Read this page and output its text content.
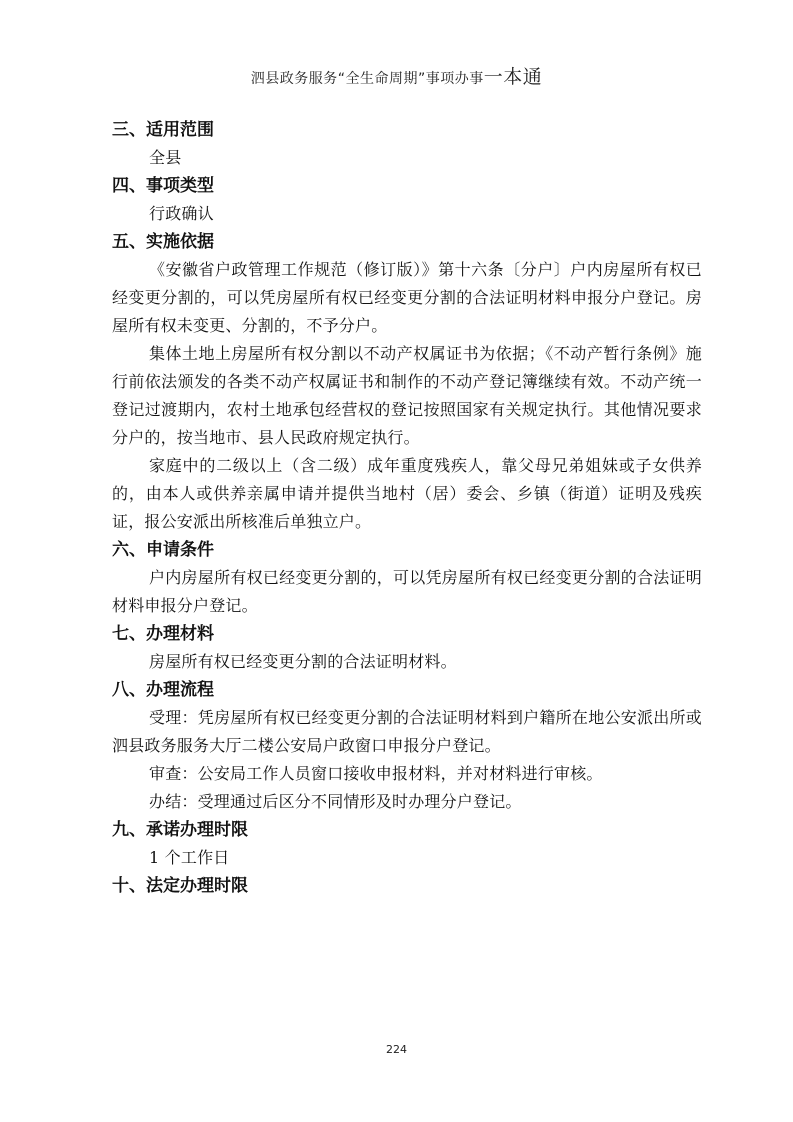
泗县政务服务“全生命周期”事项办事一本通
三、适用范围
全县
四、事项类型
行政确认
五、实施依据
《安徽省户政管理工作规范（修订版）》第十六条〔分户〕户内房屋所有权已经变更分割的，可以凭房屋所有权已经变更分割的合法证明材料申报分户登记。房屋所有权未变更、分割的，不予分户。
集体土地上房屋所有权分割以不动产权属证书为依据；《不动产暂行条例》施行前依法颁发的各类不动产权属证书和制作的不动产登记簿继续有效。不动产统一登记过渡期内，农村土地承包经营权的登记按照国家有关规定执行。其他情况要求分户的，按当地市、县人民政府规定执行。
家庭中的二级以上（含二级）成年重度残疾人，靠父母兄弟姐妹或子女供养的，由本人或供养亲属申请并提供当地村（居）委会、乡镇（街道）证明及残疾证，报公安派出所核准后单独立户。
六、申请条件
户内房屋所有权已经变更分割的，可以凭房屋所有权已经变更分割的合法证明材料申报分户登记。
七、办理材料
房屋所有权已经变更分割的合法证明材料。
八、办理流程
受理：凭房屋所有权已经变更分割的合法证明材料到户籍所在地公安派出所或泗县政务服务大厅二楼公安局户政窗口申报分户登记。
审查：公安局工作人员窗口接收申报材料，并对材料进行审核。
办结：受理通过后区分不同情形及时办理分户登记。
九、承诺办理时限
1 个工作日
十、法定办理时限
224
